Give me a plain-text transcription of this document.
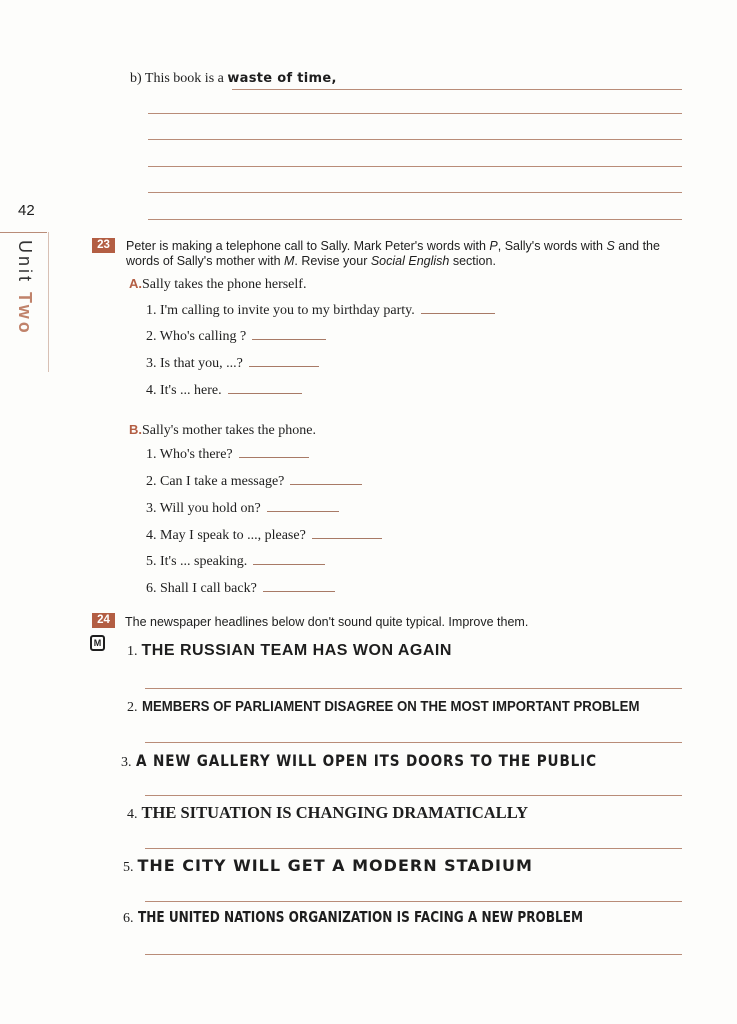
42
Unit Two
b) This book is a waste of time,
23	Peter is making a telephone call to Sally. Mark Peter's words with P, Sally's words with S and the words of Sally's mother with M. Revise your Social English section.
A.Sally takes the phone herself.
1. I'm calling to invite you to my birthday party.
2. Who's calling ?
3. Is that you, ...?
4. It's ... here.
B.Sally's mother takes the phone.
1. Who's there?
2. Can I take a message?
3. Will you hold on?
4. May I speak to ..., please?
5. It's ... speaking.
6. Shall I call back?
24
M
The newspaper headlines below don't sound quite typical. Improve them.
1. THE RUSSIAN TEAM HAS WON AGAIN
2. MEMBERS OF PARLIAMENT DISAGREE ON THE MOST IMPORTANT PROBLEM
3. A NEW GALLERY WILL OPEN ITS DOORS TO THE PUBLIC
4. THE SITUATION IS CHANGING DRAMATICALLY
5. THE CITY WILL GET A MODERN STADIUM
6. THE UNITED NATIONS ORGANIZATION IS FACING A NEW PROBLEM
